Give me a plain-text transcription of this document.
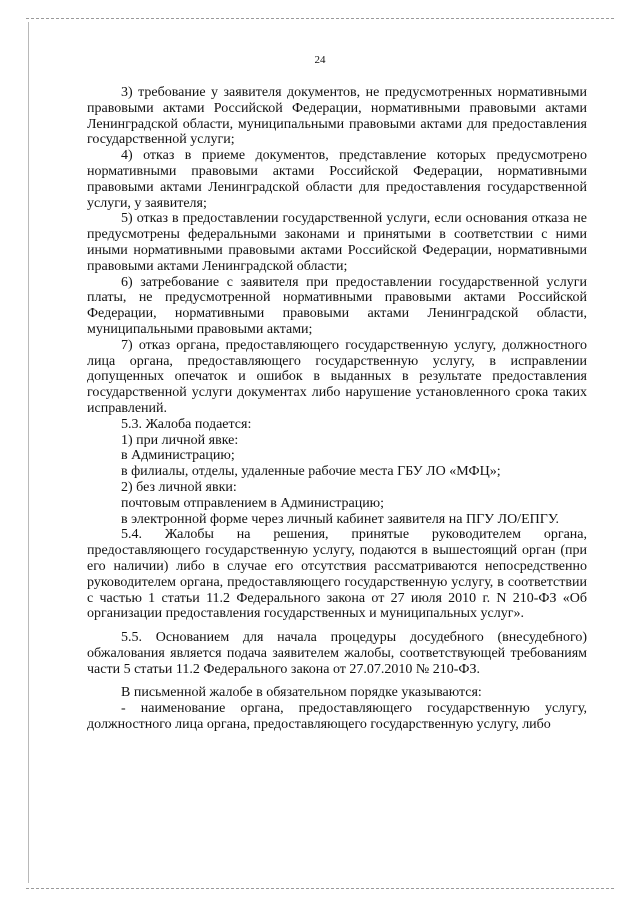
24

3) требование у заявителя документов, не предусмотренных нормативными правовыми актами Российской Федерации, нормативными правовыми актами Ленинградской области, муниципальными правовыми актами для предоставления государственной услуги;

4) отказ в приеме документов, представление которых предусмотрено нормативными правовыми актами Российской Федерации, нормативными правовыми актами Ленинградской области для предоставления государственной услуги, у заявителя;

5) отказ в предоставлении государственной услуги, если основания отказа не предусмотрены федеральными законами и принятыми в соответствии с ними иными нормативными правовыми актами Российской Федерации, нормативными правовыми актами Ленинградской области;

6) затребование с заявителя при предоставлении государственной услуги платы, не предусмотренной нормативными правовыми актами Российской Федерации, нормативными правовыми актами Ленинградской области, муниципальными правовыми актами;

7) отказ органа, предоставляющего государственную услугу, должностного лица органа, предоставляющего государственную услугу, в исправлении допущенных опечаток и ошибок в выданных в результате предоставления государственной услуги документах либо нарушение установленного срока таких исправлений.

5.3. Жалоба подается:

1) при личной явке:

в Администрацию;

в филиалы, отделы, удаленные рабочие места ГБУ ЛО «МФЦ»;

2) без личной явки:

почтовым отправлением в Администрацию;

в электронной форме через личный кабинет заявителя на ПГУ ЛО/ЕПГУ.

5.4. Жалобы на решения, принятые руководителем органа, предоставляющего государственную услугу, подаются в вышестоящий орган (при его наличии) либо в случае его отсутствия рассматриваются непосредственно руководителем органа, предоставляющего государственную услугу, в соответствии с частью 1 статьи 11.2 Федерального закона от 27 июля 2010 г. N 210-ФЗ «Об организации предоставления государственных и муниципальных услуг».

5.5. Основанием для начала процедуры досудебного (внесудебного) обжалования является подача заявителем жалобы, соответствующей требованиям части 5 статьи 11.2 Федерального закона от 27.07.2010 № 210-ФЗ.

В письменной жалобе в обязательном порядке указываются:

- наименование органа, предоставляющего государственную услугу, должностного лица органа, предоставляющего государственную услугу, либо
